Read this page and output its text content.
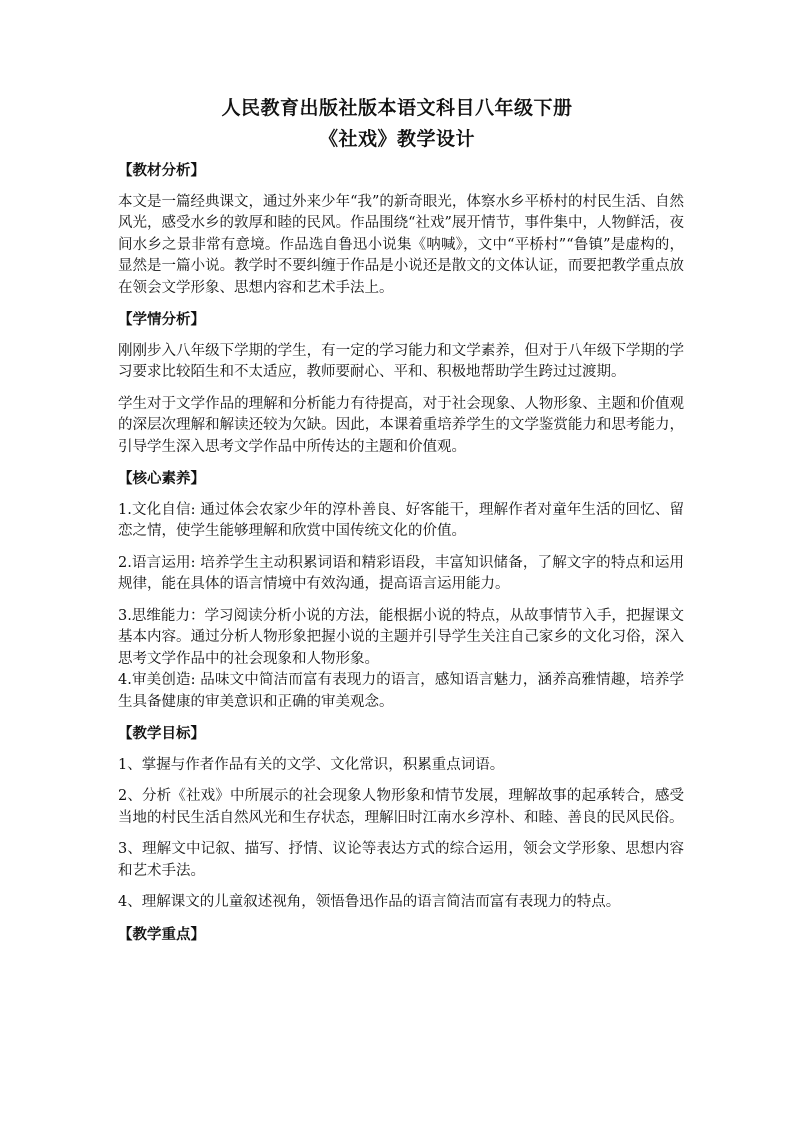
人民教育出版社版本语文科目八年级下册
《社戏》教学设计
【教材分析】
本文是一篇经典课文，通过外来少年“我”的新奇眼光，体察水乡平桥村的村民生活、自然风光，感受水乡的敦厚和睦的民风。作品围绕“社戏”展开情节，事件集中，人物鲜活，夜间水乡之景非常有意境。作品选自鲁迅小说集《呐喊》，文中“平桥村”“鲁镇”是虚构的，显然是一篇小说。教学时不要纠缠于作品是小说还是散文的文体认证，而要把教学重点放在领会文学形象、思想内容和艺术手法上。
【学情分析】
刚刚步入八年级下学期的学生，有一定的学习能力和文学素养，但对于八年级下学期的学习要求比较陌生和不太适应，教师要耐心、平和、积极地帮助学生跨过过渡期。
学生对于文学作品的理解和分析能力有待提高，对于社会现象、人物形象、主题和价值观的深层次理解和解读还较为欠缺。因此，本课着重培养学生的文学鉴赏能力和思考能力，引导学生深入思考文学作品中所传达的主题和价值观。
【核心素养】
1.文化自信: 通过体会农家少年的淳朴善良、好客能干，理解作者对童年生活的回忆、留恋之情，使学生能够理解和欣赏中国传统文化的价值。
2.语言运用: 培养学生主动积累词语和精彩语段，丰富知识储备，了解文字的特点和运用规律，能在具体的语言情境中有效沟通，提高语言运用能力。
3.思维能力：学习阅读分析小说的方法，能根据小说的特点，从故事情节入手，把握课文基本内容。通过分析人物形象把握小说的主题并引导学生关注自己家乡的文化习俗，深入思考文学作品中的社会现象和人物形象。
4.审美创造: 品味文中简洁而富有表现力的语言，感知语言魅力，涵养高雅情趣，培养学生具备健康的审美意识和正确的审美观念。
【教学目标】
1、掌握与作者作品有关的文学、文化常识，积累重点词语。
2、分析《社戏》中所展示的社会现象人物形象和情节发展，理解故事的起承转合，感受当地的村民生活自然风光和生存状态，理解旧时江南水乡淳朴、和睦、善良的民风民俗。
3、理解文中记叙、描写、抒情、议论等表达方式的综合运用，领会文学形象、思想内容和艺术手法。
4、理解课文的儿童叙述视角，领悟鲁迅作品的语言简洁而富有表现力的特点。
【教学重点】
